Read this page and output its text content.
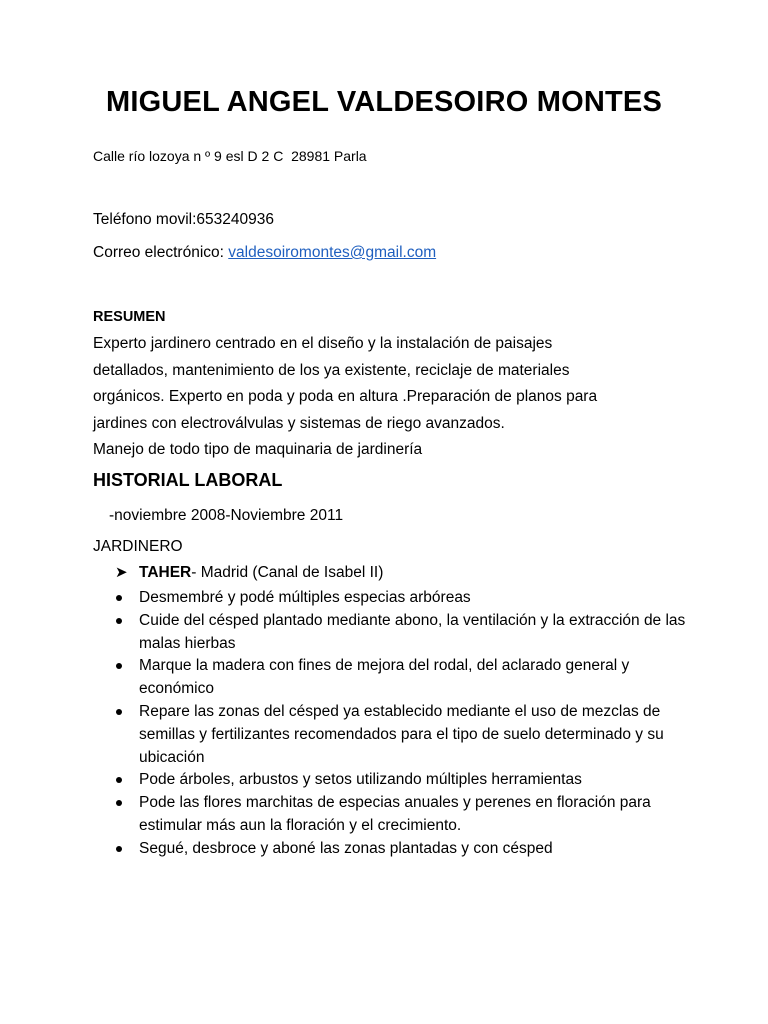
MIGUEL ANGEL VALDESOIRO MONTES
Calle río lozoya n º 9 esl D 2 C  28981 Parla
Teléfono movil:653240936
Correo electrónico: valdesoiromontes@gmail.com
RESUMEN
Experto jardinero centrado en el diseño y la instalación de paisajes
detallados, mantenimiento de los ya existente, reciclaje de materiales
orgánicos. Experto en poda y poda en altura .Preparación de planos para
jardines con electroválvulas y sistemas de riego avanzados.
Manejo de todo tipo de maquinaria de jardinería
HISTORIAL LABORAL
-noviembre 2008-Noviembre 2011
JARDINERO
➤ TAHER- Madrid (Canal de Isabel II)
Desmembré y podé múltiples especias arbóreas
Cuide del césped plantado mediante abono, la ventilación y la extracción de las malas hierbas
Marque la madera con fines de mejora del rodal, del aclarado general y económico
Repare las zonas del césped ya establecido mediante el uso de mezclas de semillas y fertilizantes recomendados para el tipo de suelo determinado y su ubicación
Pode árboles, arbustos y setos utilizando múltiples herramientas
Pode las flores marchitas de especias anuales y perenes en floración para estimular más aun la floración y el crecimiento.
Segué, desbroce y aboné las zonas plantadas y con césped
